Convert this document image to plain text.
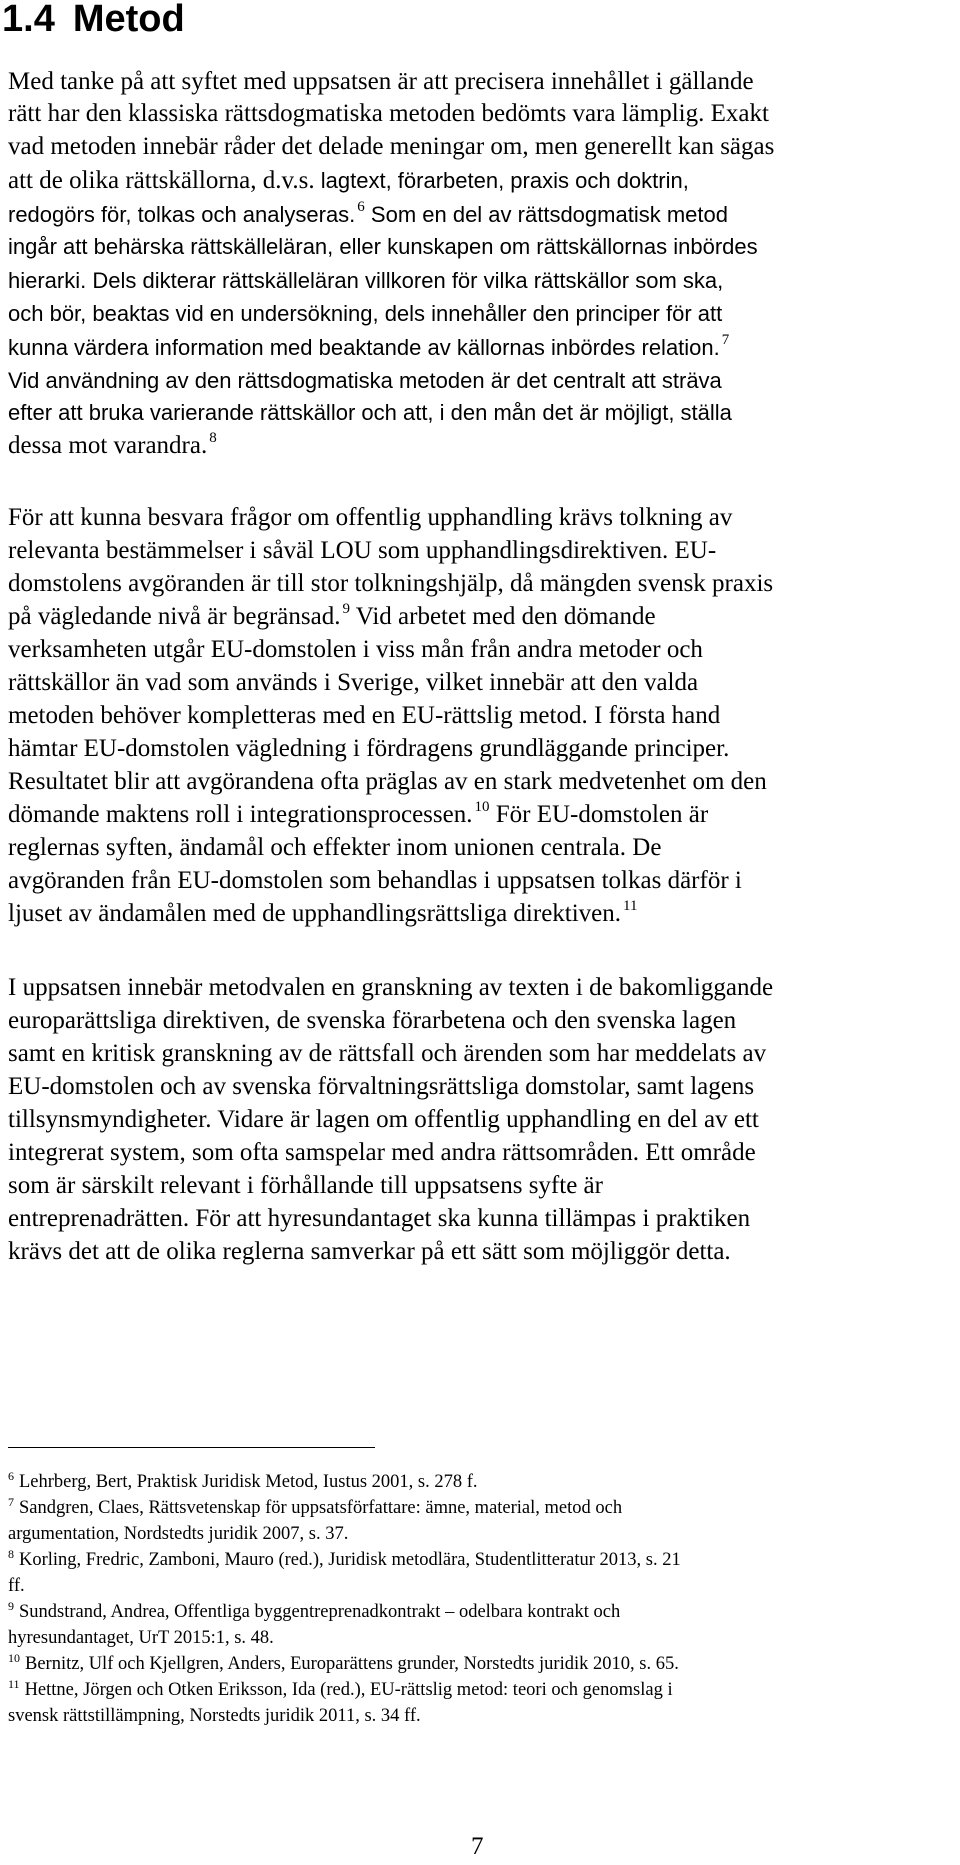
1.4 Metod
Med tanke på att syftet med uppsatsen är att precisera innehållet i gällande
rätt har den klassiska rättsdogmatiska metoden bedömts vara lämplig. Exakt
vad metoden innebär råder det delade meningar om, men generellt kan sägas
att de olika rättskällorna, d.v.s. lagtext, förarbeten, praxis och doktrin,
redogörs för, tolkas och analyseras. $^6$ Som en del av rättsdogmatisk metod
ingår att behärska rättskälleläran, eller kunskapen om rättskällornas inbördes
hierarki. Dels dikterar rättskälleläran villkoren för vilka rättskällor som ska,
och bör, beaktas vid en undersökning, dels innehåller den principer för att
kunna värdera information med beaktande av källornas inbördes relation. $^7$
Vid användning av den rättsdogmatiska metoden är det centralt att sträva
efter att bruka varierande rättskällor och att, i den mån det är möjligt, ställa
dessa mot varandra. $^8$
För att kunna besvara frågor om offentlig upphandling krävs tolkning av
relevanta bestämmelser i såväl LOU som upphandlingsdirektiven. EU-
domstolens avgöranden är till stor tolkningshjälp, då mängden svensk praxis
på vägledande nivå är begränsad. $^9$ Vid arbetet med den dömande
verksamheten utgår EU-domstolen i viss mån från andra metoder och
rättskällor än vad som används i Sverige, vilket innebär att den valda
metoden behöver kompletteras med en EU-rättslig metod. I första hand
hämtar EU-domstolen vägledning i fördragens grundläggande principer.
Resultatet blir att avgörandena ofta präglas av en stark medvetenhet om den
dömande maktens roll i integrationsprocessen. $^{10}$ För EU-domstolen är
reglernas syften, ändamål och effekter inom unionen centrala. De
avgöranden från EU-domstolen som behandlas i uppsatsen tolkas därför i
ljuset av ändamålen med de upphandlingsrättsliga direktiven. $^{11}$
I uppsatsen innebär metodvalen en granskning av texten i de bakomliggande
europarättsliga direktiven, de svenska förarbetena och den svenska lagen
samt en kritisk granskning av de rättsfall och ärenden som har meddelats av
EU-domstolen och av svenska förvaltningsrättsliga domstolar, samt lagens
tillsynsmyndigheter. Vidare är lagen om offentlig upphandling en del av ett
integrerat system, som ofta samspelar med andra rättsområden. Ett område
som är särskilt relevant i förhållande till uppsatsens syfte är
entreprenadrätten. För att hyresundantaget ska kunna tillämpas i praktiken
krävs det att de olika reglerna samverkar på ett sätt som möjliggör detta.
$^6$ Lehrberg, Bert, Praktisk Juridisk Metod, Iustus 2001, s. 278 f.
$^7$ Sandgren, Claes, Rättsvetenskap för uppsatsförfattare: ämne, material, metod och
argumentation, Nordstedts juridik 2007, s. 37.
$^8$ Korling, Fredric, Zamboni, Mauro (red.), Juridisk metodlära, Studentlitteratur 2013, s. 21
ff.
$^9$ Sundstrand, Andrea, Offentliga byggentreprenadkontrakt – odelbara kontrakt och
hyresundantaget, UrT 2015:1, s. 48.
$^{10}$ Bernitz, Ulf och Kjellgren, Anders, Europarättens grunder, Norstedts juridik 2010, s. 65.
$^{11}$ Hettne, Jörgen och Otken Eriksson, Ida (red.), EU-rättslig metod: teori och genomslag i
svensk rättstillämpning, Norstedts juridik 2011, s. 34 ff.
7
